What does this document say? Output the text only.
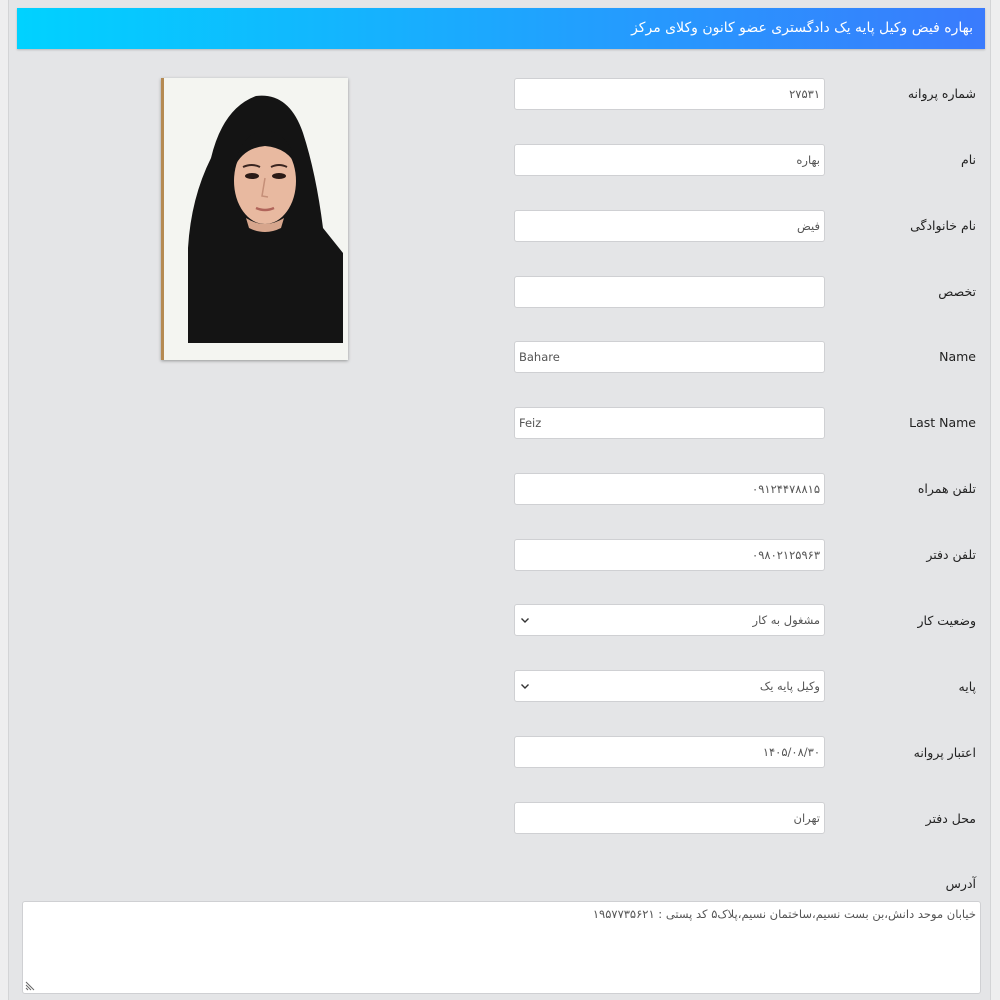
بهاره فیض وکیل پایه یک دادگستری عضو کانون وکلای مرکز
شماره پروانه
۲۷۵۳۱
نام
بهاره
نام خانوادگی
فیض
تخصص
Name
Bahare
Last Name
Feiz
تلفن همراه
۰۹۱۲۴۴۷۸۸۱۵
تلفن دفتر
۰۹۸۰۲۱۲۵۹۶۳
وضعیت کار
مشغول به کار
پایه
وکیل پایه یک
اعتبار پروانه
۱۴۰۵/۰۸/۳۰
محل دفتر
تهران
آدرس
خیابان موحد دانش،بن بست نسیم،ساختمان نسیم،پلاک۵ کد پستی : ۱۹۵۷۷۳۵۶۲۱
